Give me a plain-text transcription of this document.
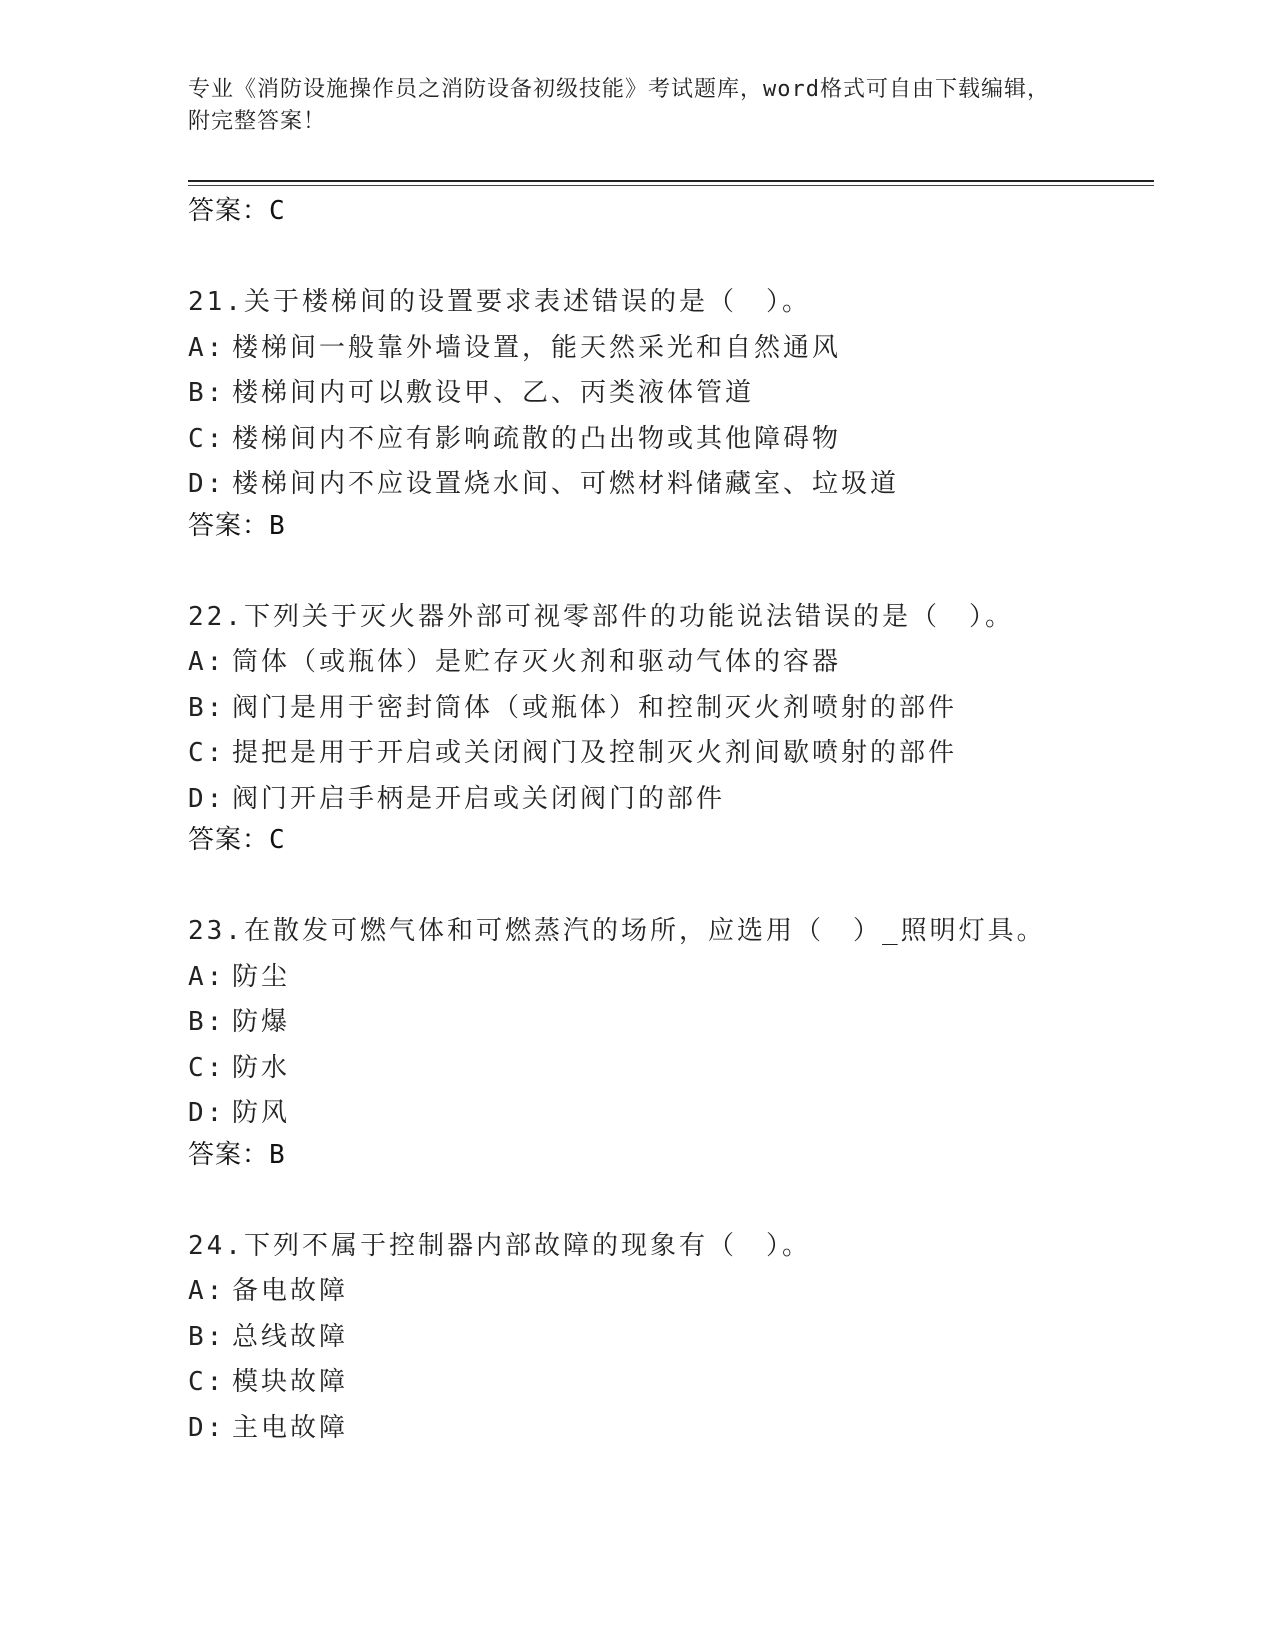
专业《消防设施操作员之消防设备初级技能》考试题库，word格式可自由下载编辑，附完整答案！
答案：C
21.关于楼梯间的设置要求表述错误的是（　）。
A: 楼梯间一般靠外墙设置，能天然采光和自然通风
B: 楼梯间内可以敷设甲、乙、丙类液体管道
C: 楼梯间内不应有影响疏散的凸出物或其他障碍物
D: 楼梯间内不应设置烧水间、可燃材料储藏室、垃圾道
答案：B
22.下列关于灭火器外部可视零部件的功能说法错误的是（　）。
A: 筒体（或瓶体）是贮存灭火剂和驱动气体的容器
B: 阀门是用于密封筒体（或瓶体）和控制灭火剂喷射的部件
C: 提把是用于开启或关闭阀门及控制灭火剂间歇喷射的部件
D: 阀门开启手柄是开启或关闭阀门的部件
答案：C
23.在散发可燃气体和可燃蒸汽的场所，应选用（　）_照明灯具。
A: 防尘
B: 防爆
C: 防水
D: 防风
答案：B
24.下列不属于控制器内部故障的现象有（　）。
A: 备电故障
B: 总线故障
C: 模块故障
D: 主电故障
